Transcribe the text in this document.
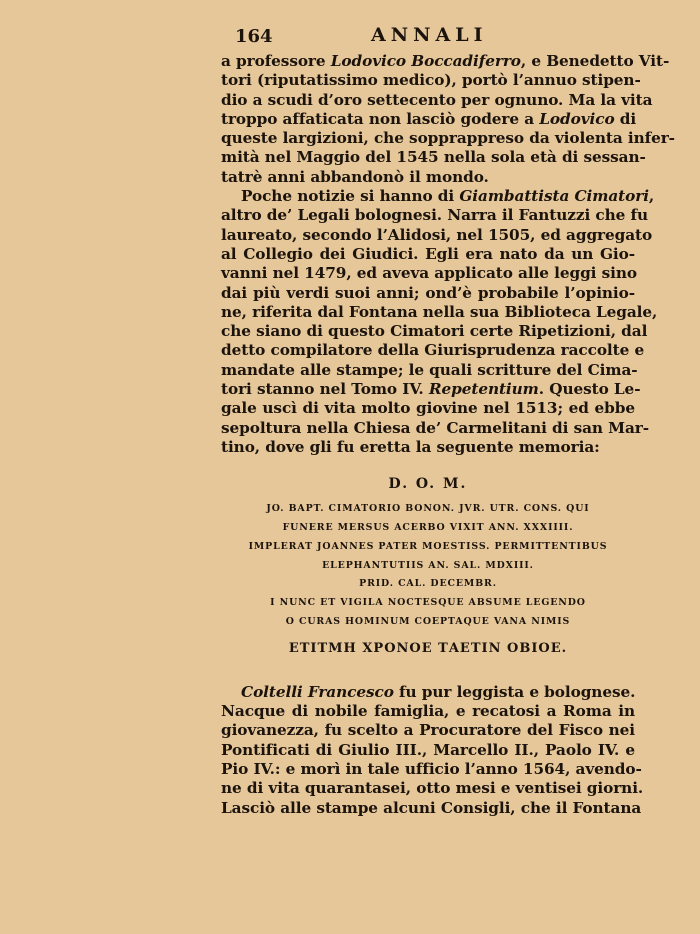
164	ANNALI
a professore Lodovico Boccadiferro, e Benedetto Vit-
tori (riputatissimo medico), portò l’annuo stipen-
dio a scudi d’oro settecento per ognuno. Ma la vita
troppo affaticata non lasciò godere a Lodovico di
queste largizioni, che sopprappreso da violenta infer-
mità nel Maggio del 1545 nella sola età di sessan-
tatrè anni abbandonò il mondo.
Poche notizie si hanno di Giambattista Cimatori,
altro de’ Legali bolognesi. Narra il Fantuzzi che fu
laureato, secondo l’Alidosi, nel 1505, ed aggregato
al Collegio dei Giudici. Egli era nato da un Gio-
vanni nel 1479, ed aveva applicato alle leggi sino
dai più verdi suoi anni; ond’è probabile l’opinio-
ne, riferita dal Fontana nella sua Biblioteca Legale,
che siano di questo Cimatori certe Ripetizioni, dal
detto compilatore della Giurisprudenza raccolte e
mandate alle stampe; le quali scritture del Cima-
tori stanno nel Tomo IV. Repetentium. Questo Le-
gale uscì di vita molto giovine nel 1513; ed ebbe
sepoltura nella Chiesa de’ Carmelitani di san Mar-
tino, dove gli fu eretta la seguente memoria:
D. O. M.
JO. BAPT. CIMATORIO BONON. JVR. UTR. CONS. QUI
FUNERE MERSUS ACERBO VIXIT ANN. XXXIIII.
IMPLERAT JOANNES PATER MOESTISS. PERMITTENTIBUS
ELEPHANTUTIIS AN. SAL. MDXIII.
PRID. CAL. DECEMBR.
I NUNC ET VIGILA NOCTESQUE ABSUME LEGENDO
O CURAS HOMINUM COEPTAQUE VANA NIMIS
ΕΤΙΤΜΗ ΧΡΟΝΟΕ ΤΑΕΤΙΝ ΟΒΙΟΕ.
Coltelli Francesco fu pur leggista e bolognese.
Nacque di nobile famiglia, e recatosi a Roma in
giovanezza, fu scelto a Procuratore del Fisco nei
Pontificati di Giulio III., Marcello II., Paolo IV. e
Pio IV.: e morì in tale ufficio l’anno 1564, avendo-
ne di vita quarantasei, otto mesi e ventisei giorni.
Lasciò alle stampe alcuni Consigli, che il Fontana
